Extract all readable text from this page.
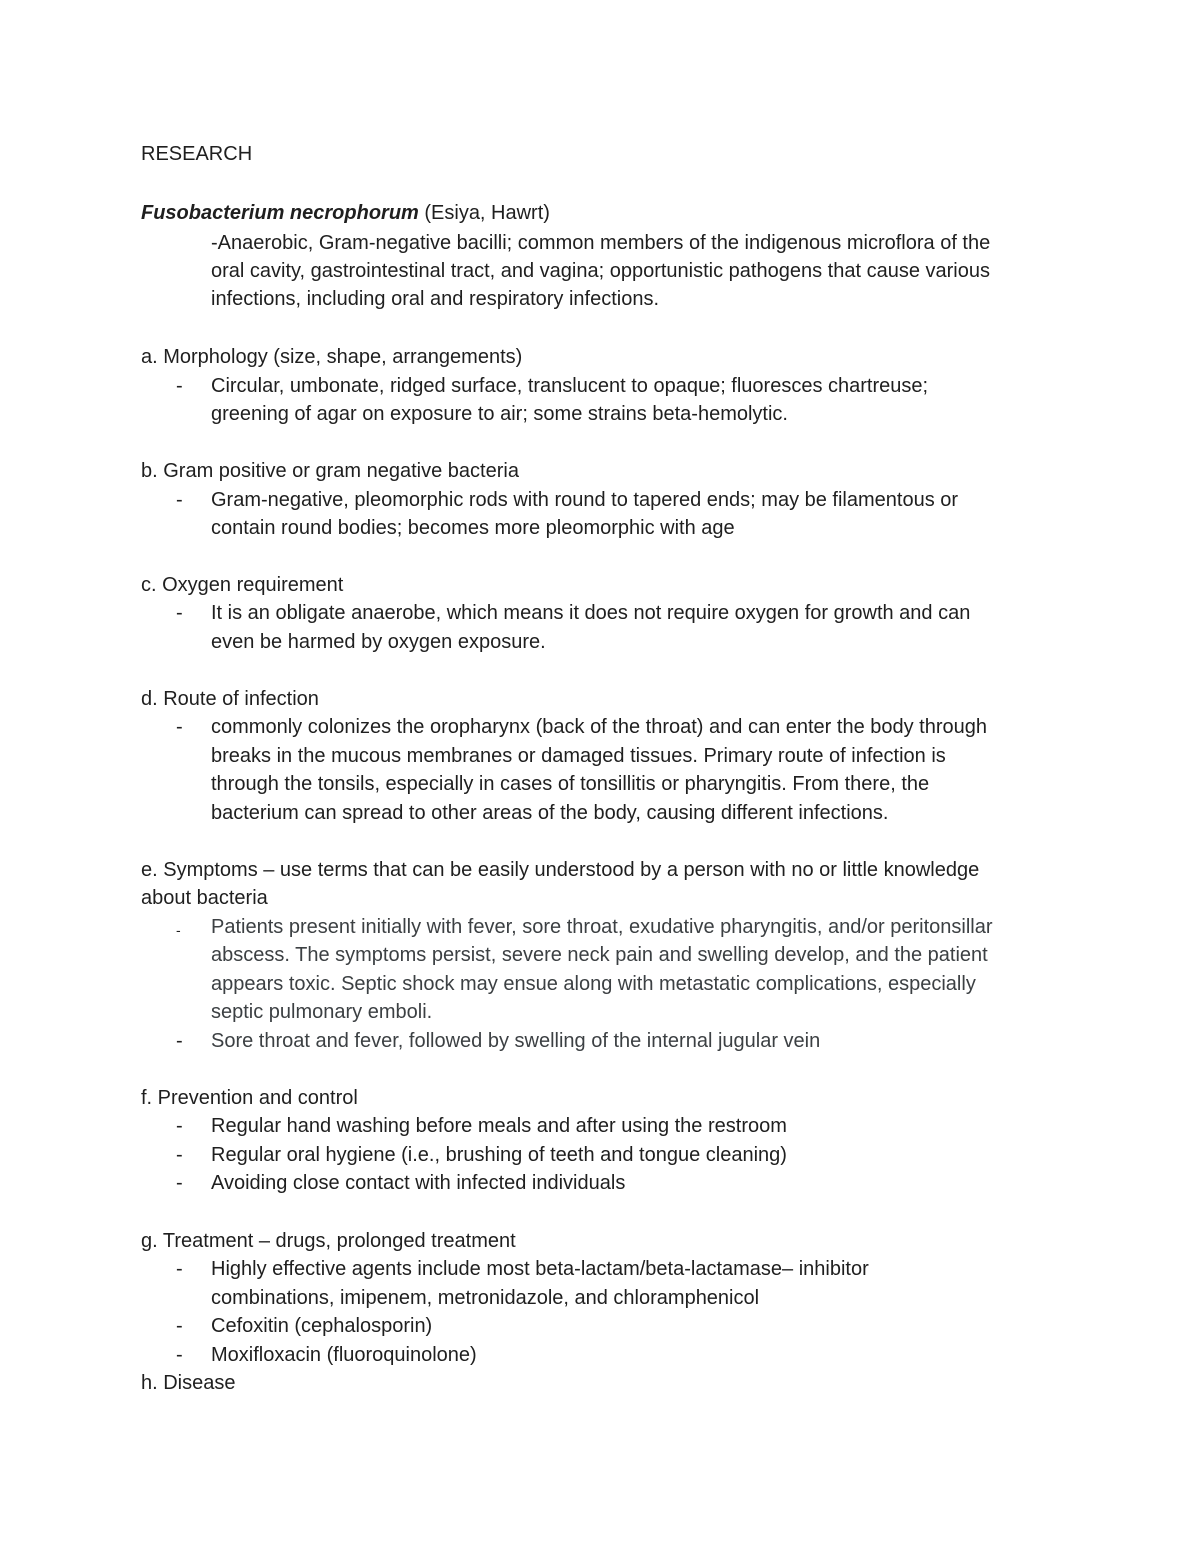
RESEARCH
Fusobacterium necrophorum (Esiya, Hawrt)
-Anaerobic, Gram-negative bacilli; common members of the indigenous microflora of the
oral cavity, gastrointestinal tract, and vagina; opportunistic pathogens that cause various
infections, including oral and respiratory infections.
a. Morphology (size, shape, arrangements)
- Circular, umbonate, ridged surface, translucent to opaque; fluoresces chartreuse;
greening of agar on exposure to air; some strains beta-hemolytic.
b. Gram positive or gram negative bacteria
- Gram-negative, pleomorphic rods with round to tapered ends; may be filamentous or
contain round bodies; becomes more pleomorphic with age
c. Oxygen requirement
- It is an obligate anaerobe, which means it does not require oxygen for growth and can
even be harmed by oxygen exposure.
d. Route of infection
- commonly colonizes the oropharynx (back of the throat) and can enter the body through
breaks in the mucous membranes or damaged tissues. Primary route of infection is
through the tonsils, especially in cases of tonsillitis or pharyngitis. From there, the
bacterium can spread to other areas of the body, causing different infections.
e. Symptoms – use terms that can be easily understood by a person with no or little knowledge
about bacteria
- Patients present initially with fever, sore throat, exudative pharyngitis, and/or peritonsillar
abscess. The symptoms persist, severe neck pain and swelling develop, and the patient
appears toxic. Septic shock may ensue along with metastatic complications, especially
septic pulmonary emboli.
- Sore throat and fever, followed by swelling of the internal jugular vein
f. Prevention and control
- Regular hand washing before meals and after using the restroom
- Regular oral hygiene (i.e., brushing of teeth and tongue cleaning)
- Avoiding close contact with infected individuals
g. Treatment – drugs, prolonged treatment
- Highly effective agents include most beta-lactam/beta-lactamase– inhibitor
combinations, imipenem, metronidazole, and chloramphenicol
- Cefoxitin (cephalosporin)
- Moxifloxacin (fluoroquinolone)
h. Disease
